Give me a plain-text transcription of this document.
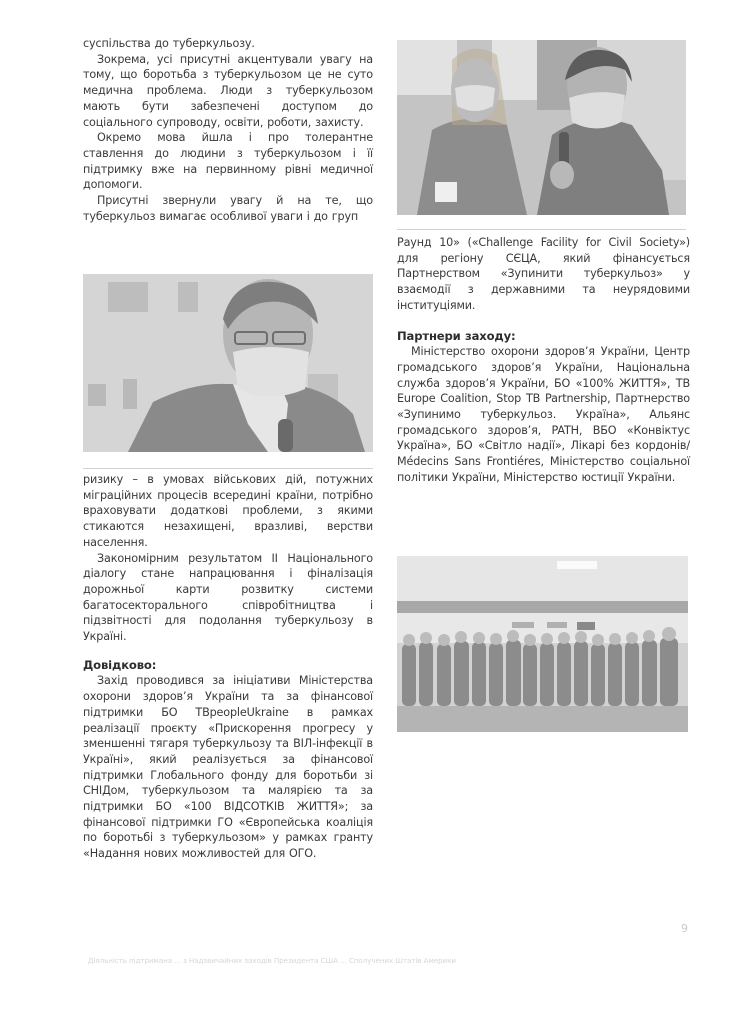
суспільства до туберкульозу.

Зокрема, усі присутні акцентували увагу на тому, що боротьба з туберкульозом це не суто медична проблема. Люди з туберкульозом мають бути забезпечені доступом до соціального супроводу, освіти, роботи, захисту.

Окремо мова йшла і про толерантне ставлення до людини з туберкульозом і її підтримку вже на первинному рівні медичної допомоги.

Присутні звернули увагу й на те, що туберкульоз вимагає особливої уваги і до груп

ризику – в умовах військових дій, потужних міграційних процесів всередині країни, потрібно враховувати додаткові проблеми, з якими стикаются незахищені, вразливі, верстви населення.

Закономірним результатом II Національного діалогу стане напрацювання і фіналізація дорожньої карти розвитку системи багатосекторального співробітництва і підзвітності для подолання туберкульозу в Україні.

Довідково:

Захід проводився за ініціативи Міністерства охорони здоров’я України та за фінансової підтримки БО TBpeopleUkraine в рамках реалізації проєкту «Прискорення прогресу у зменшенні тягаря туберкульозу та ВІЛ-інфекції в Україні», який реалізується за фінансової підтримки Глобального фонду для боротьби зі СНІДом, туберкульозом та малярією та за підтримки БО «100 ВІДСОТКІВ ЖИТТЯ»; за фінансової підтримки ГО «Європейська коаліція по боротьбі з туберкульозом» у рамках гранту «Надання нових можливостей для ОГО.

Раунд 10» («Challenge Facility for Civil Society») для регіону СЄЦА, який фінансується Партнерством «Зупинити туберкульоз» у взаємодії з державними та неурядовими інституціями.

Партнери заходу:

Міністерство охорони здоров’я України, Центр громадського здоров’я України, Національна служба здоров’я України, БО «100% ЖИТТЯ», TB Europe Coalition, Stop TB Partnership, Партнерство «Зупинимо туберкульоз. Україна», Альянс громадського здоров’я, PATH, ВБО «Конвіктус Україна», БО «Світло надії», Лікарі без кордонів/ Médecins Sans Frontiéres, Міністерство соціальної політики України, Міністерство юстиції України.

9
Діяльність підтримана ... з Надзвичайних заходів Президента США ... Сполучених Штатів Америки
